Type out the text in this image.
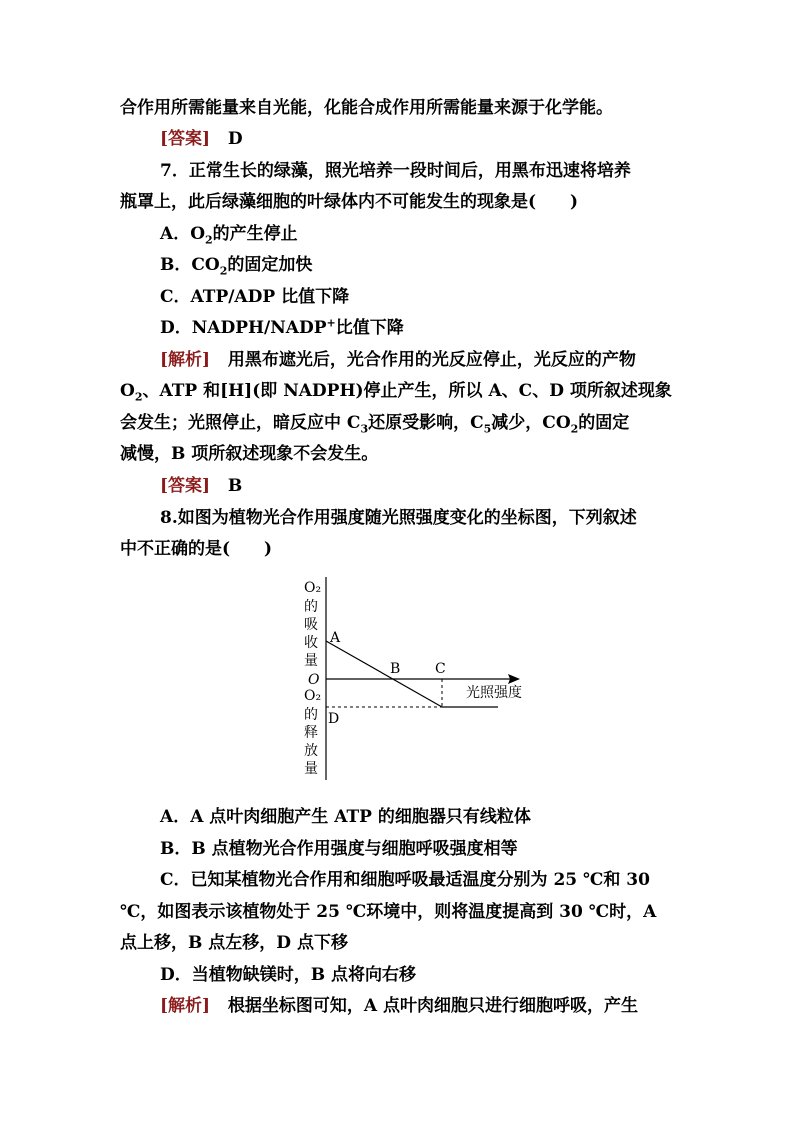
合作用所需能量来自光能，化能合成作用所需能量来源于化学能。
[答案] D
7．正常生长的绿藻，照光培养一段时间后，用黑布迅速将培养
瓶罩上，此后绿藻细胞的叶绿体内不可能发生的现象是(　　)
A．$O_2$的产生停止
B．$CO_2$的固定加快
C．ATP/ADP 比值下降
D．NADPH/NADP+比值下降
[解析] 用黑布遮光后，光合作用的光反应停止，光反应的产物
$O_2$、ATP 和[H](即 NADPH)停止产生，所以 A、C、D 项所叙述现象
会发生；光照停止，暗反应中 $C_3$还原受影响，$C_5$减少，$CO_2$的固定
减慢，B 项所叙述现象不会发生。
[答案] B
8.如图为植物光合作用强度随光照强度变化的坐标图，下列叙述
中不正确的是(　　)
O₂
的
吸
收
量
O₂
的
释
放
量
O
A
B C
D
光照强度
A．A 点叶肉细胞产生 ATP 的细胞器只有线粒体
B．B 点植物光合作用强度与细胞呼吸强度相等
C．已知某植物光合作用和细胞呼吸最适温度分别为 25 ℃和 30
℃，如图表示该植物处于 25 ℃环境中，则将温度提高到 30 ℃时，A
点上移，B 点左移，D 点下移
D．当植物缺镁时，B 点将向右移
[解析] 根据坐标图可知，A 点叶肉细胞只进行细胞呼吸，产生
